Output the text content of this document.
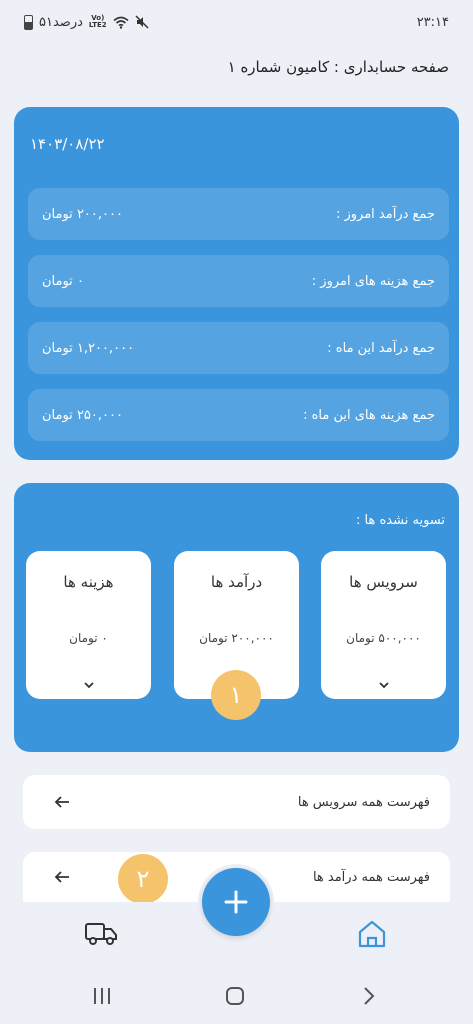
۵۱درصد	Vo)
LTE2	۲۳:۱۴
صفحه حسابداری : کامیون شماره ۱
۱۴۰۳/۰۸/۲۲
جمع درآمد امروز :
۲۰۰,۰۰۰ تومان
جمع هزینه های امروز :
۰ تومان
جمع درآمد این ماه :
۱,۲۰۰,۰۰۰ تومان
جمع هزینه های این ماه :
۲۵۰,۰۰۰ تومان
تسویه نشده ها :
سرویس ها
۵۰۰,۰۰۰ تومان
درآمد ها
۲۰۰,۰۰۰ تومان
هزینه ها
۰ تومان
۱
فهرست همه سرویس ها
فهرست همه درآمد ها
۲
